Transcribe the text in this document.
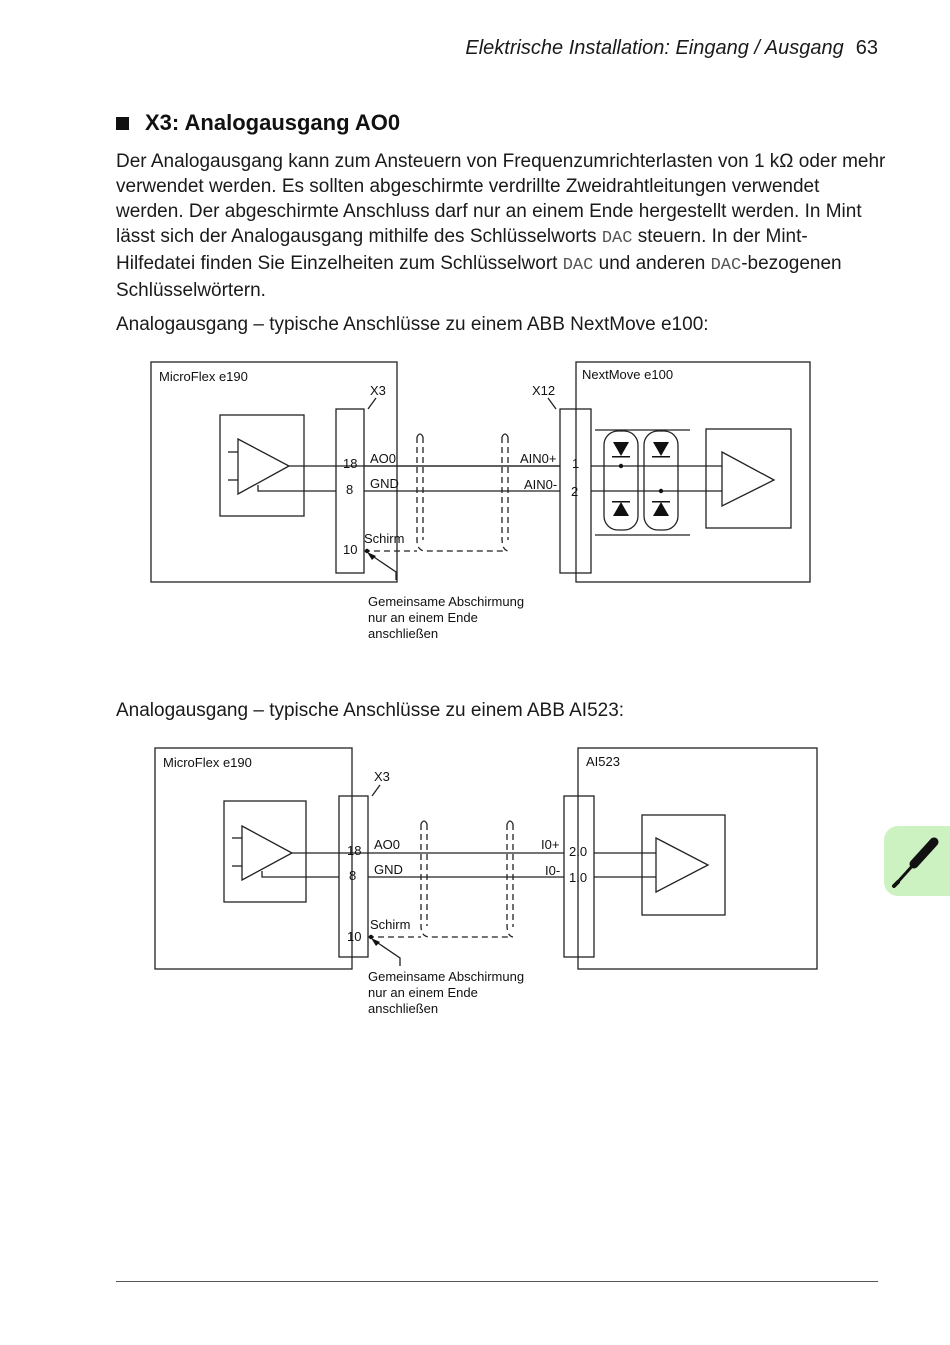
Elektrische Installation: Eingang / Ausgang 63
X3: Analogausgang AO0
Der Analogausgang kann zum Ansteuern von Frequenzumrichterlasten von 1 kΩ oder mehr verwendet werden. Es sollten abgeschirmte verdrillte Zweidrahtleitungen verwendet werden. Der abgeschirmte Anschluss darf nur an einem Ende hergestellt werden. In Mint lässt sich der Analogausgang mithilfe des Schlüsselworts DAC steuern. In der Mint-Hilfedatei finden Sie Einzelheiten zum Schlüsselwort DAC und anderen DAC-bezogenen Schlüsselwörtern.
Analogausgang – typische Anschlüsse zu einem ABB NextMove e100:
MicroFlex e190
X3
NextMove e100
X12
18
8
10
AO0
GND
AIN0+
AIN0-
1
2
Schirm
Gemeinsame Abschirmung
nur an einem Ende
anschließen
Analogausgang – typische Anschlüsse zu einem ABB AI523:
MicroFlex e190
X3
AI523
18
8
10
AO0
GND
I0+
I0-
2.0
1.0
Schirm
Gemeinsame Abschirmung
nur an einem Ende
anschließen
